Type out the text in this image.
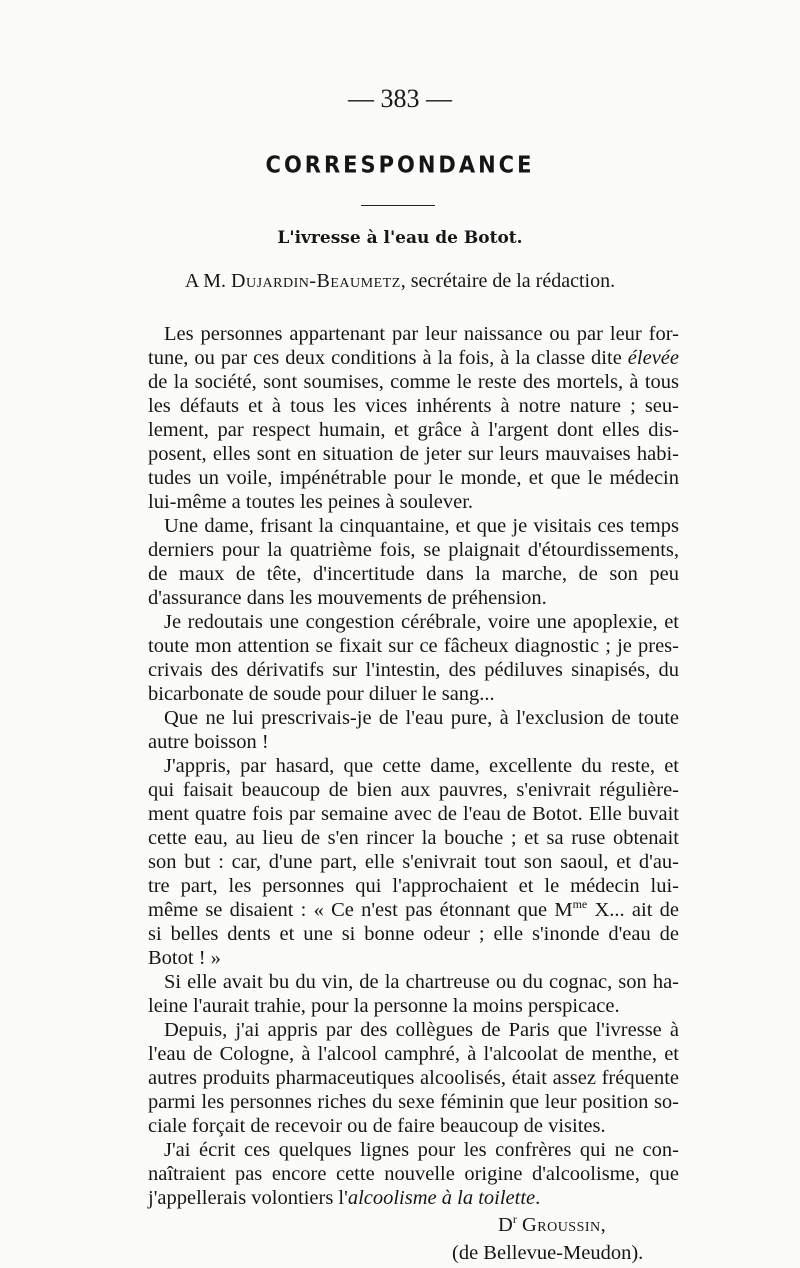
— 383 —
CORRESPONDANCE
L'ivresse à l'eau de Botot.
A M. Dujardin-Beaumetz, secrétaire de la rédaction.
Les personnes appartenant par leur naissance ou par leur for-
tune, ou par ces deux conditions à la fois, à la classe dite élevée
de la société, sont soumises, comme le reste des mortels, à tous
les défauts et à tous les vices inhérents à notre nature ; seu-
lement, par respect humain, et grâce à l'argent dont elles dis-
posent, elles sont en situation de jeter sur leurs mauvaises habi-
tudes un voile, impénétrable pour le monde, et que le médecin
lui-même a toutes les peines à soulever.
Une dame, frisant la cinquantaine, et que je visitais ces temps
derniers pour la quatrième fois, se plaignait d'étourdissements,
de maux de tête, d'incertitude dans la marche, de son peu
d'assurance dans les mouvements de préhension.
Je redoutais une congestion cérébrale, voire une apoplexie, et
toute mon attention se fixait sur ce fâcheux diagnostic ; je pres-
crivais des dérivatifs sur l'intestin, des pédiluves sinapisés, du
bicarbonate de soude pour diluer le sang...
Que ne lui prescrivais-je de l'eau pure, à l'exclusion de toute
autre boisson !
J'appris, par hasard, que cette dame, excellente du reste, et
qui faisait beaucoup de bien aux pauvres, s'enivrait régulière-
ment quatre fois par semaine avec de l'eau de Botot. Elle buvait
cette eau, au lieu de s'en rincer la bouche ; et sa ruse obtenait
son but : car, d'une part, elle s'enivrait tout son saoul, et d'au-
tre part, les personnes qui l'approchaient et le médecin lui-
même se disaient : « Ce n'est pas étonnant que $M^{me}$ X... ait de
si belles dents et une si bonne odeur ; elle s'inonde d'eau de
Botot ! »
Si elle avait bu du vin, de la chartreuse ou du cognac, son ha-
leine l'aurait trahie, pour la personne la moins perspicace.
Depuis, j'ai appris par des collègues de Paris que l'ivresse à
l'eau de Cologne, à l'alcool camphré, à l'alcoolat de menthe, et
autres produits pharmaceutiques alcoolisés, était assez fréquente
parmi les personnes riches du sexe féminin que leur position so-
ciale forçait de recevoir ou de faire beaucoup de visites.
J'ai écrit ces quelques lignes pour les confrères qui ne con-
naîtraient pas encore cette nouvelle origine d'alcoolisme, que
j'appellerais volontiers l'alcoolisme à la toilette.
$D^r$ Groussin,
(de Bellevue-Meudon).
